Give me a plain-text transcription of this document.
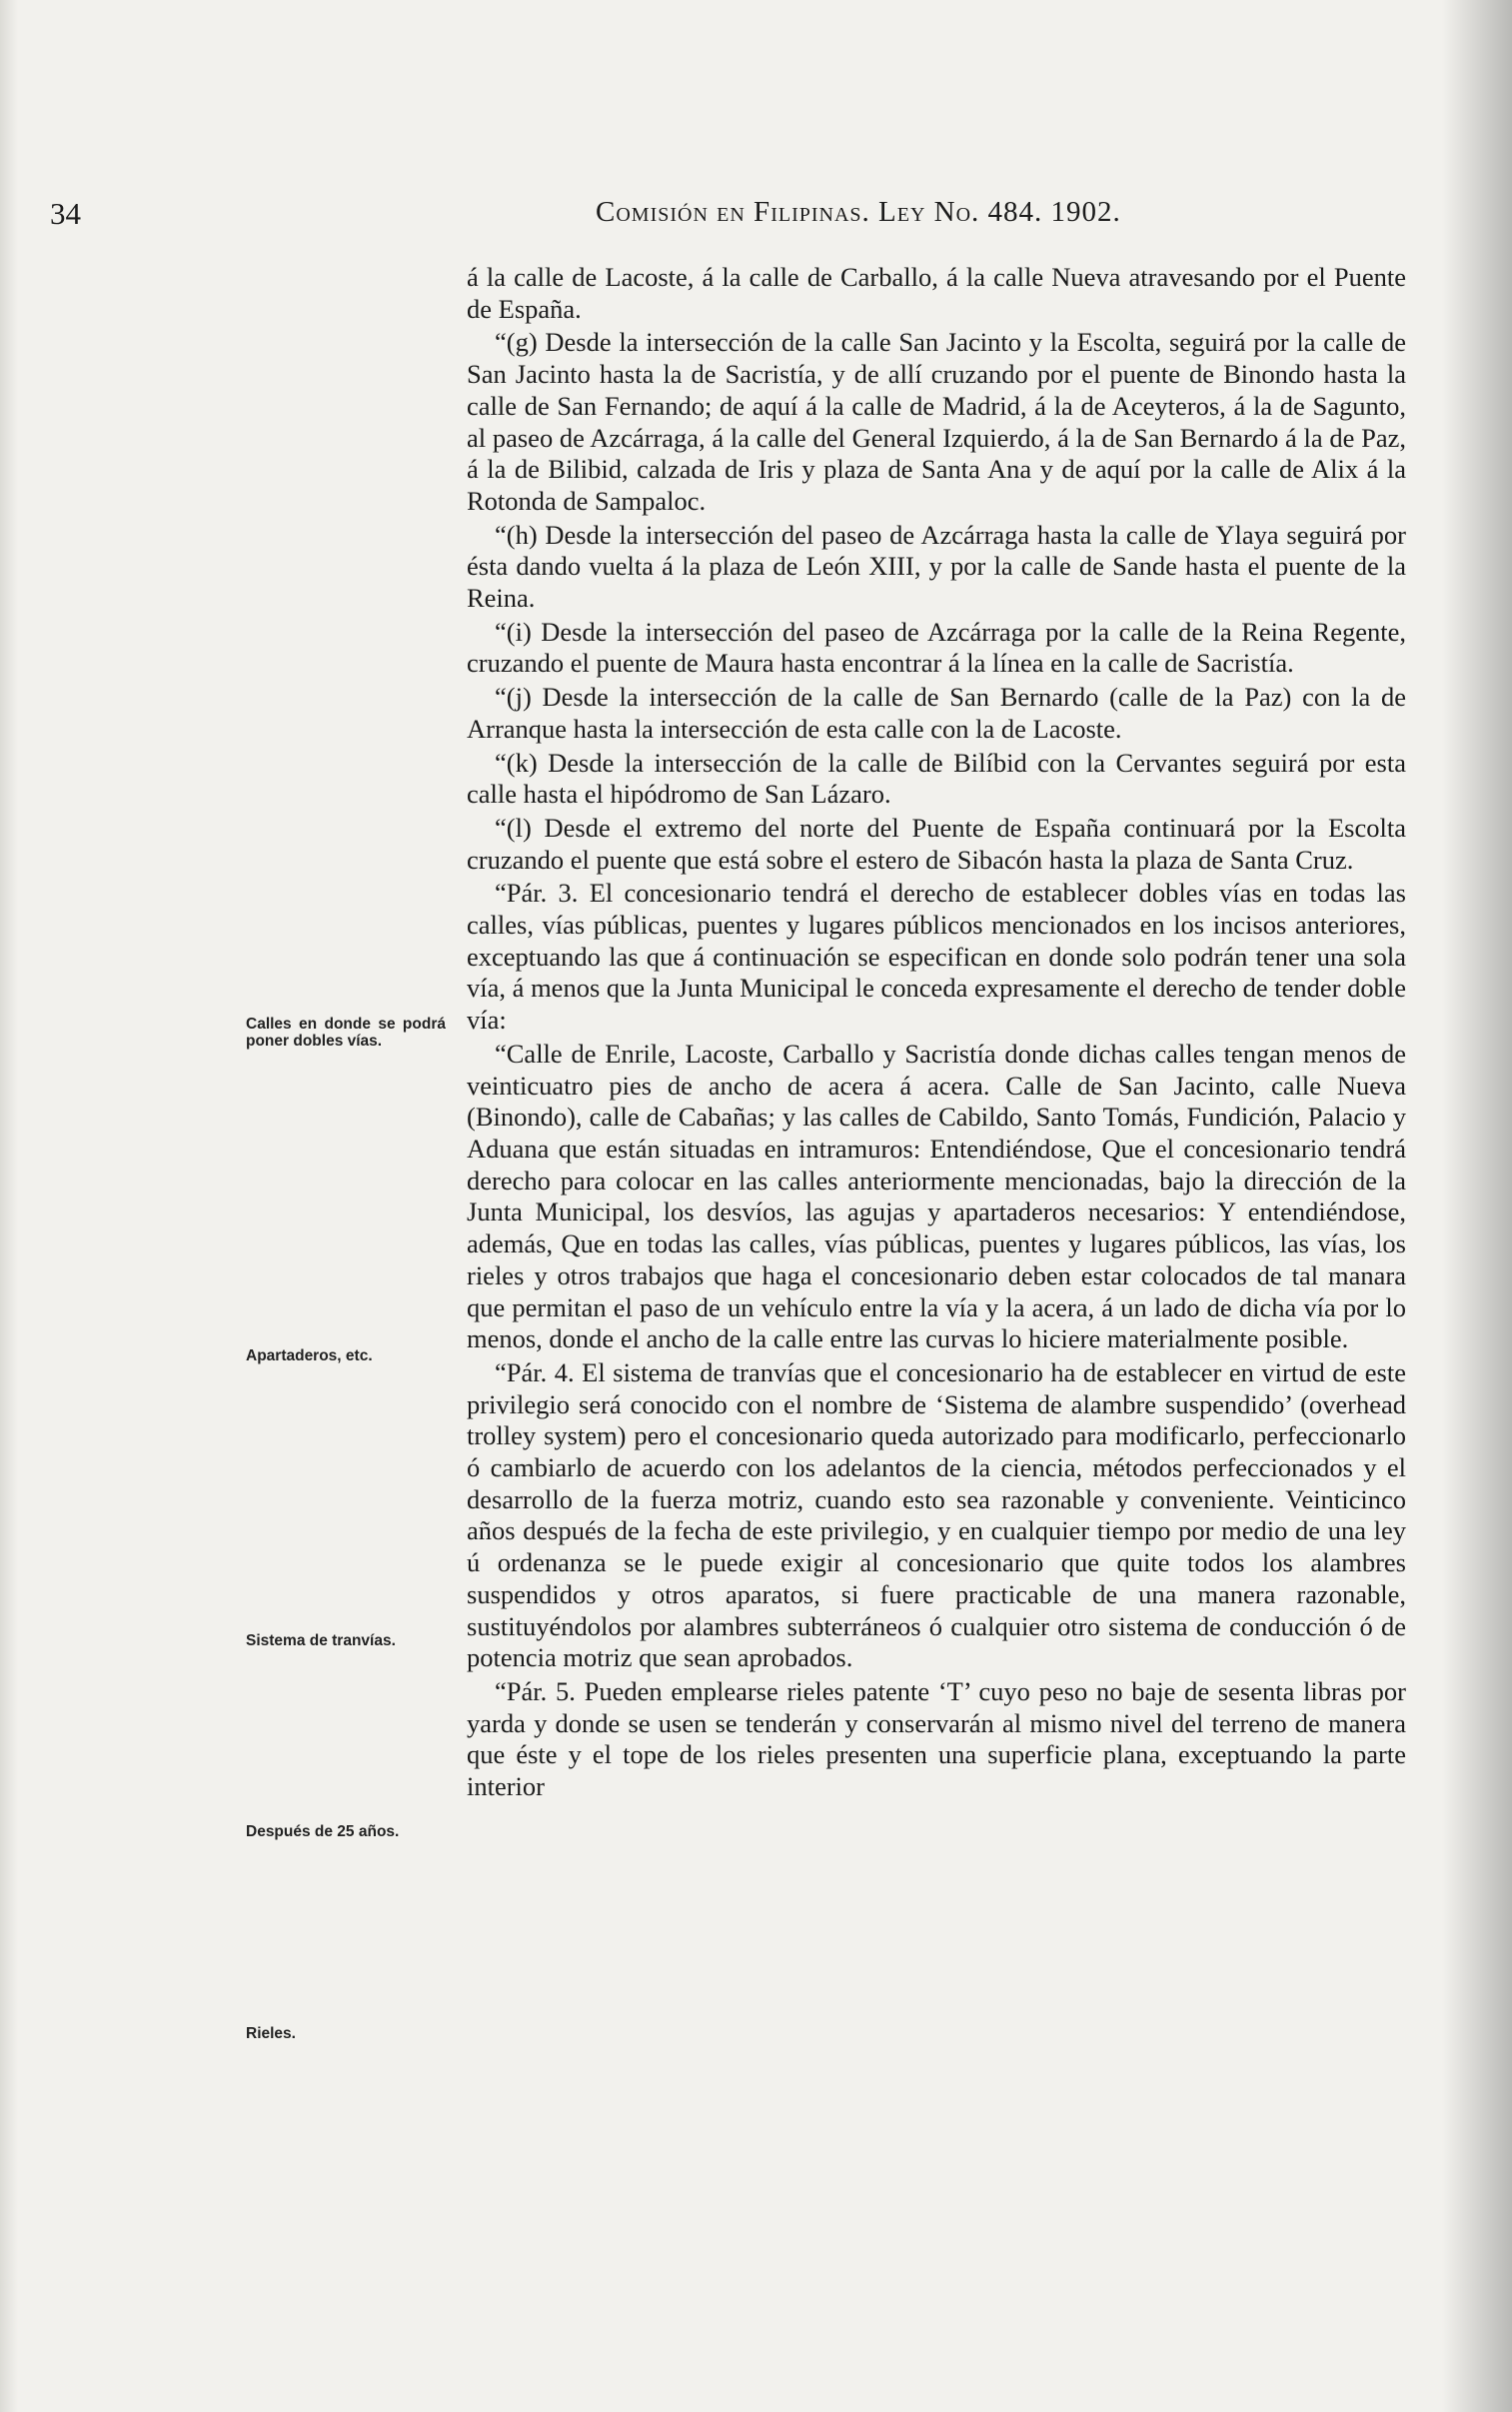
34	Comisión en Filipinas. Ley No. 484. 1902.
Calles en donde se podrá poner dobles vías.
Apartaderos, etc.
Sistema de tranvías.
Después de 25 años.
Rieles.

á la calle de Lacoste, á la calle de Carballo, á la calle Nueva atravesando por el Puente de España.

“(g) Desde la intersección de la calle San Jacinto y la Escolta, seguirá por la calle de San Jacinto hasta la de Sacristía, y de allí cruzando por el puente de Binondo hasta la calle de San Fernando; de aquí á la calle de Madrid, á la de Aceyteros, á la de Sagunto, al paseo de Azcárraga, á la calle del General Izquierdo, á la de San Bernardo á la de Paz, á la de Bilibid, calzada de Iris y plaza de Santa Ana y de aquí por la calle de Alix á la Rotonda de Sampaloc.

“(h) Desde la intersección del paseo de Azcárraga hasta la calle de Ylaya seguirá por ésta dando vuelta á la plaza de León XIII, y por la calle de Sande hasta el puente de la Reina.

“(i) Desde la intersección del paseo de Azcárraga por la calle de la Reina Regente, cruzando el puente de Maura hasta encontrar á la línea en la calle de Sacristía.

“(j) Desde la intersección de la calle de San Bernardo (calle de la Paz) con la de Arranque hasta la intersección de esta calle con la de Lacoste.

“(k) Desde la intersección de la calle de Bilíbid con la Cervantes seguirá por esta calle hasta el hipódromo de San Lázaro.

“(l) Desde el extremo del norte del Puente de España continuará por la Escolta cruzando el puente que está sobre el estero de Sibacón hasta la plaza de Santa Cruz.

“Pár. 3. El concesionario tendrá el derecho de establecer dobles vías en todas las calles, vías públicas, puentes y lugares públicos mencionados en los incisos anteriores, exceptuando las que á continuación se especifican en donde solo podrán tener una sola vía, á menos que la Junta Municipal le conceda expresamente el derecho de tender doble vía:

“Calle de Enrile, Lacoste, Carballo y Sacristía donde dichas calles tengan menos de veinticuatro pies de ancho de acera á acera. Calle de San Jacinto, calle Nueva (Binondo), calle de Cabañas; y las calles de Cabildo, Santo Tomás, Fundición, Palacio y Aduana que están situadas en intramuros: Entendiéndose, Que el concesionario tendrá derecho para colocar en las calles anteriormente mencionadas, bajo la dirección de la Junta Municipal, los desvíos, las agujas y apartaderos necesarios: Y entendiéndose, además, Que en todas las calles, vías públicas, puentes y lugares públicos, las vías, los rieles y otros trabajos que haga el concesionario deben estar colocados de tal manara que permitan el paso de un vehículo entre la vía y la acera, á un lado de dicha vía por lo menos, donde el ancho de la calle entre las curvas lo hiciere materialmente posible.

“Pár. 4. El sistema de tranvías que el concesionario ha de establecer en virtud de este privilegio será conocido con el nombre de ‘Sistema de alambre suspendido’ (overhead trolley system) pero el concesionario queda autorizado para modificarlo, perfeccionarlo ó cambiarlo de acuerdo con los adelantos de la ciencia, métodos perfeccionados y el desarrollo de la fuerza motriz, cuando esto sea razonable y conveniente. Veinticinco años después de la fecha de este privilegio, y en cualquier tiempo por medio de una ley ú ordenanza se le puede exigir al concesionario que quite todos los alambres suspendidos y otros aparatos, si fuere practicable de una manera razonable, sustituyéndolos por alambres subterráneos ó cualquier otro sistema de conducción ó de potencia motriz que sean aprobados.

“Pár. 5. Pueden emplearse rieles patente ‘T’ cuyo peso no baje de sesenta libras por yarda y donde se usen se tenderán y conservarán al mismo nivel del terreno de manera que éste y el tope de los rieles presenten una superficie plana, exceptuando la parte interior
